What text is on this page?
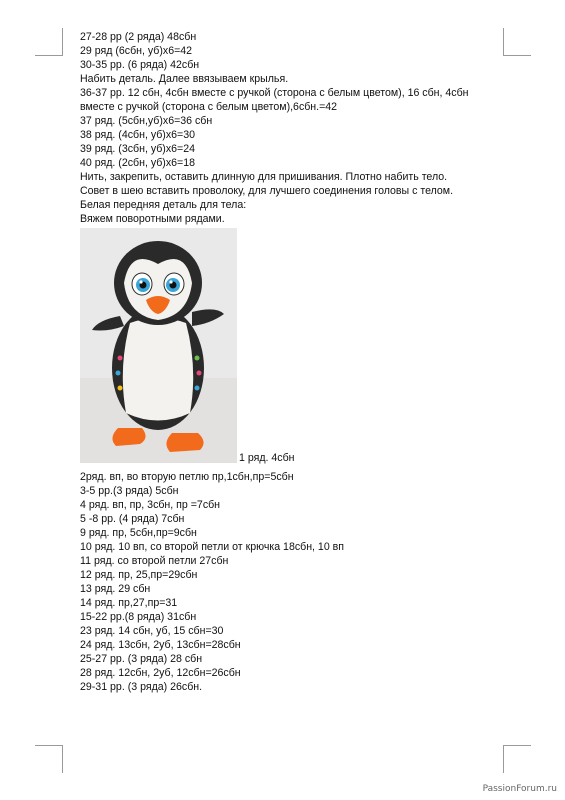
27-28 рр (2 ряда) 48сбн
29 ряд (6сбн, уб)х6=42
30-35 рр. (6 ряда) 42сбн
Набить деталь. Далее ввязываем крылья.
36-37 рр. 12 сбн, 4сбн вместе с ручкой (сторона с белым цветом), 16 сбн, 4сбн вместе с ручкой (сторона с белым цветом),6сбн.=42
37 ряд. (5сбн,уб)х6=36 сбн
38 ряд. (4сбн, уб)х6=30
39 ряд. (3сбн, уб)х6=24
40 ряд. (2сбн, уб)х6=18
Нить, закрепить, оставить длинную для пришивания. Плотно набить тело.
Совет в шею вставить проволоку, для лучшего соединения головы с телом.
Белая передняя деталь для тела:
Вяжем поворотными рядами.
1 ряд. 4сбн
2ряд. вп, во вторую петлю пр,1сбн,пр=5сбн
3-5 рр.(3 ряда) 5сбн
4 ряд. вп, пр, 3сбн, пр =7сбн
5 -8 рр. (4 ряда) 7сбн
9 ряд. пр, 5сбн,пр=9сбн
10 ряд. 10 вп, со второй петли от крючка 18сбн, 10 вп
11 ряд. со второй петли 27сбн
12 ряд. пр, 25,пр=29сбн
13 ряд. 29 сбн
14 ряд. пр,27,пр=31
15-22 рр.(8 ряда) 31сбн
23 ряд. 14 сбн, уб, 15 сбн=30
24 ряд. 13сбн, 2уб, 13сбн=28сбн
25-27 рр. (3 ряда) 28 сбн
28 ряд. 12сбн, 2уб, 12сбн=26сбн
29-31 рр. (3 ряда) 26сбн.
PassionForum.ru
